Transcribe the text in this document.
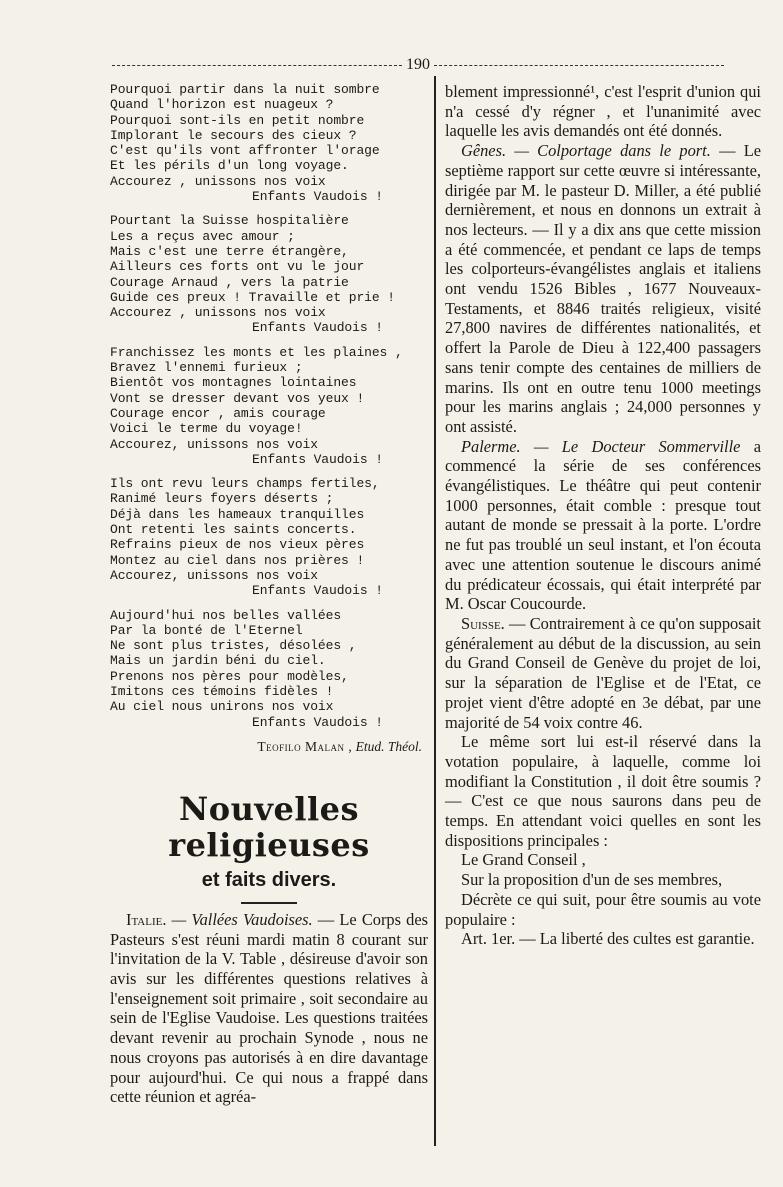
190
Pourquoi partir dans la nuit sombre
Quand l'horizon est nuageux ?
Pourquoi sont-ils en petit nombre
Implorant le secours des cieux ?
C'est qu'ils vont affronter l'orage
Et les périls d'un long voyage.
Accourez , unissons nos voix
Enfants Vaudois !
Pourtant la Suisse hospitalière
Les a reçus avec amour ;
Mais c'est une terre étrangère,
Ailleurs ces forts ont vu le jour
Courage Arnaud , vers la patrie
Guide ces preux ! Travaille et prie !
Accourez , unissons nos voix
Enfants Vaudois !
Franchissez les monts et les plaines ,
Bravez l'ennemi furieux ;
Bientôt vos montagnes lointaines
Vont se dresser devant vos yeux !
Courage encor , amis courage
Voici le terme du voyage!
Accourez, unissons nos voix
Enfants Vaudois !
Ils ont revu leurs champs fertiles,
Ranimé leurs foyers déserts ;
Déjà dans les hameaux tranquilles
Ont retenti les saints concerts.
Refrains pieux de nos vieux pères
Montez au ciel dans nos prières !
Accourez, unissons nos voix
Enfants Vaudois !
Aujourd'hui nos belles vallées
Par la bonté de l'Eternel
Ne sont plus tristes, désolées ,
Mais un jardin béni du ciel.
Prenons nos pères pour modèles,
Imitons ces témoins fidèles !
Au ciel nous unirons nos voix
Enfants Vaudois !
Teofilo Malan , Etud. Théol.
Nouvelles religieuses
et faits divers.

Italie. — Vallées Vaudoises. — Le Corps des Pasteurs s'est réuni mardi matin 8 courant sur l'invitation de la V. Table , désireuse d'avoir son avis sur les différentes questions relatives à l'enseignement soit primaire , soit secondaire au sein de l'Eglise Vaudoise. Les questions traitées devant revenir au prochain Synode , nous ne nous croyons pas autorisés à en dire davantage pour aujourd'hui. Ce qui nous a frappé dans cette réunion et agréa-

blement impressionné¹, c'est l'esprit d'union qui n'a cessé d'y régner , et l'unanimité avec laquelle les avis demandés ont été donnés.

Gênes. — Colportage dans le port. — Le septième rapport sur cette œuvre si intéressante, dirigée par M. le pasteur D. Miller, a été publié dernièrement, et nous en donnons un extrait à nos lecteurs. — Il y a dix ans que cette mission a été commencée, et pendant ce laps de temps les colporteurs-évangélistes anglais et italiens ont vendu 1526 Bibles , 1677 Nouveaux-Testaments, et 8846 traités religieux, visité 27,800 navires de différentes nationalités, et offert la Parole de Dieu à 122,400 passagers sans tenir compte des centaines de milliers de marins. Ils ont en outre tenu 1000 meetings pour les marins anglais ; 24,000 personnes y ont assisté.

Palerme. — Le Docteur Sommerville a commencé la série de ses conférences évangélistiques. Le théâtre qui peut contenir 1000 personnes, était comble : presque tout autant de monde se pressait à la porte. L'ordre ne fut pas troublé un seul instant, et l'on écouta avec une attention soutenue le discours animé du prédicateur écossais, qui était interprété par M. Oscar Coucourde.

Suisse. — Contrairement à ce qu'on supposait généralement au début de la discussion, au sein du Grand Conseil de Genève du projet de loi, sur la séparation de l'Eglise et de l'Etat, ce projet vient d'être adopté en 3e débat, par une majorité de 54 voix contre 46.

Le même sort lui est-il réservé dans la votation populaire, à laquelle, comme loi modifiant la Constitution , il doit être soumis ? — C'est ce que nous saurons dans peu de temps. En attendant voici quelles en sont les dispositions principales :

Le Grand Conseil ,

Sur la proposition d'un de ses membres,

Décrète ce qui suit, pour être soumis au vote populaire :

Art. 1er. — La liberté des cultes est garantie.
